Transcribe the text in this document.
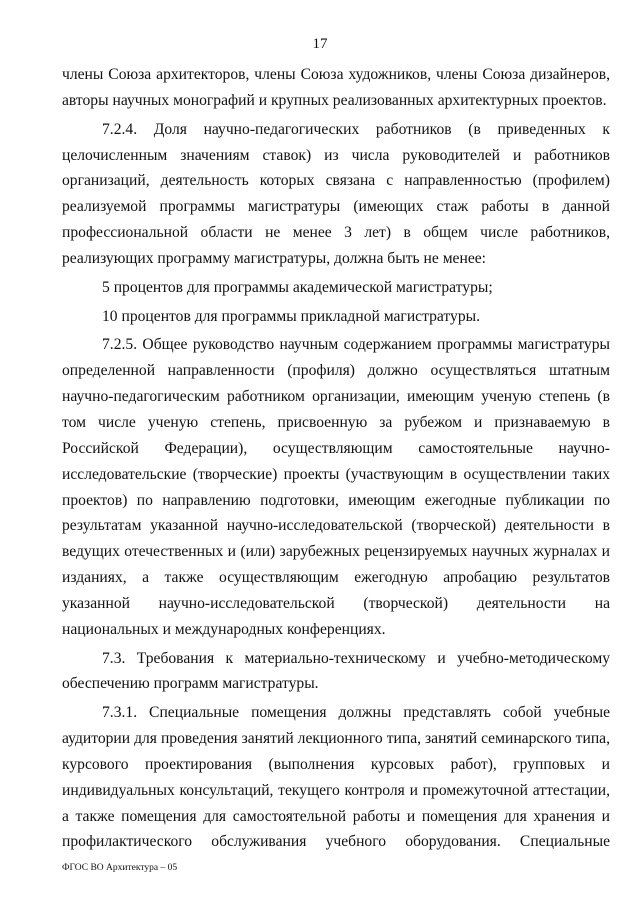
17

члены Союза архитекторов, члены Союза художников, члены Союза дизайнеров, авторы научных монографий и крупных реализованных архитектурных проектов.

7.2.4. Доля научно-педагогических работников (в приведенных к целочисленным значениям ставок) из числа руководителей и работников организаций, деятельность которых связана с направленностью (профилем) реализуемой программы магистратуры (имеющих стаж работы в данной профессиональной области не менее 3 лет) в общем числе работников, реализующих программу магистратуры, должна быть не менее:

5 процентов для программы академической магистратуры;

10 процентов для программы прикладной магистратуры.

7.2.5. Общее руководство научным содержанием программы магистратуры определенной направленности (профиля) должно осуществляться штатным научно-педагогическим работником организации, имеющим ученую степень (в том числе ученую степень, присвоенную за рубежом и признаваемую в Российской Федерации), осуществляющим самостоятельные научно-исследовательские (творческие) проекты (участвующим в осуществлении таких проектов) по направлению подготовки, имеющим ежегодные публикации по результатам указанной научно-исследовательской (творческой) деятельности в ведущих отечественных и (или) зарубежных рецензируемых научных журналах и изданиях, а также осуществляющим ежегодную апробацию результатов указанной научно-исследовательской (творческой) деятельности на национальных и международных конференциях.

7.3. Требования к материально-техническому и учебно-методическому обеспечению программ магистратуры.

7.3.1. Специальные помещения должны представлять собой учебные аудитории для проведения занятий лекционного типа, занятий семинарского типа, курсового проектирования (выполнения курсовых работ), групповых и индивидуальных консультаций, текущего контроля и промежуточной аттестации, а также помещения для самостоятельной работы и помещения для хранения и профилактического обслуживания учебного оборудования. Специальные

ФГОС ВО Архитектура – 05
